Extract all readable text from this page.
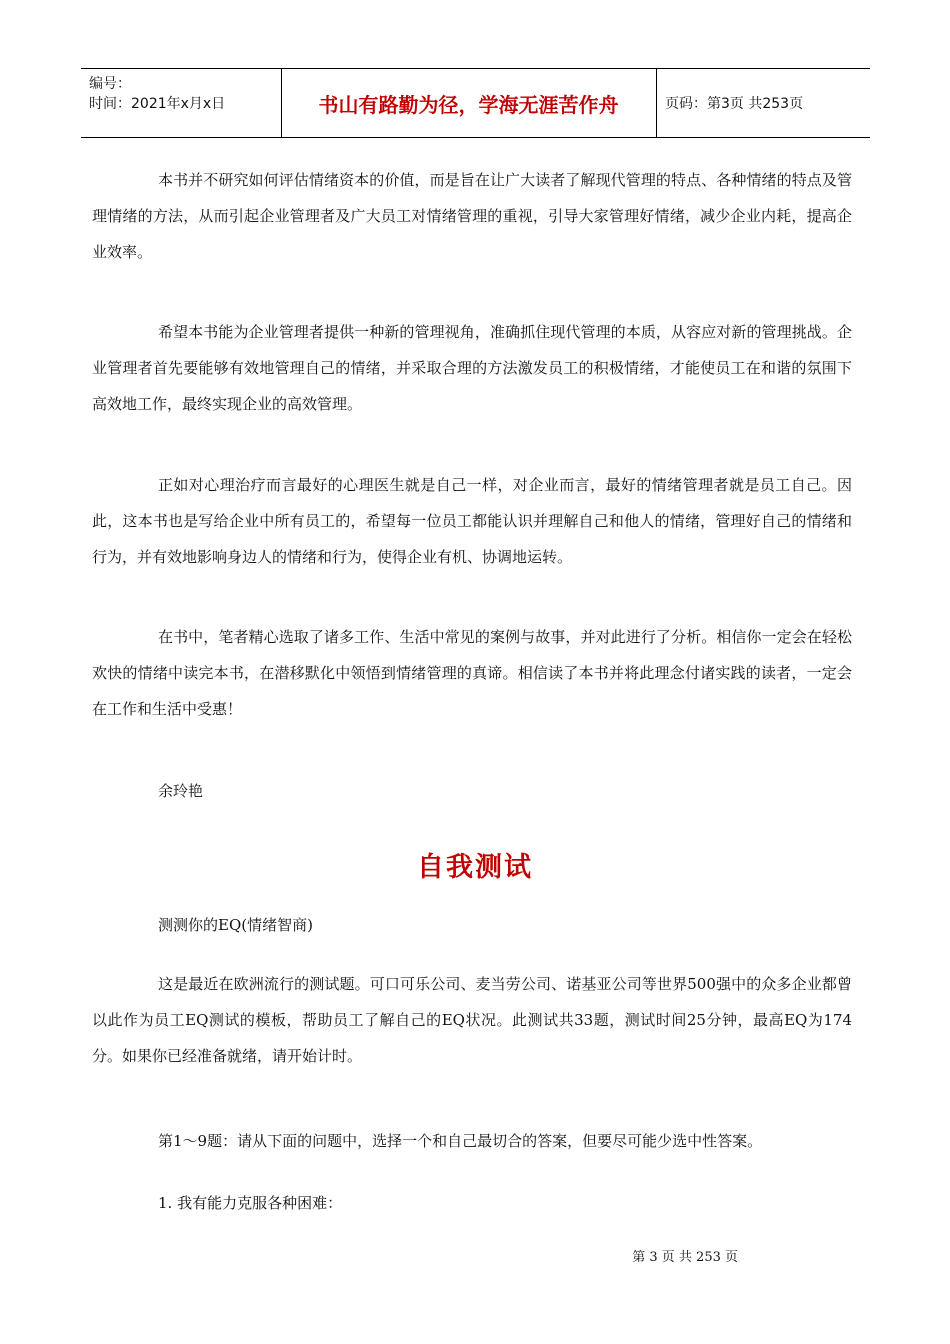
编号：
时间：2021年x月x日	书山有路勤为径，学海无涯苦作舟	页码：第3页 共253页

本书并不研究如何评估情绪资本的价值，而是旨在让广大读者了解现代管理的特点、各种情绪的特点及管理情绪的方法，从而引起企业管理者及广大员工对情绪管理的重视，引导大家管理好情绪，减少企业内耗，提高企业效率。

希望本书能为企业管理者提供一种新的管理视角，准确抓住现代管理的本质，从容应对新的管理挑战。企业管理者首先要能够有效地管理自己的情绪，并采取合理的方法激发员工的积极情绪，才能使员工在和谐的氛围下高效地工作，最终实现企业的高效管理。

正如对心理治疗而言最好的心理医生就是自己一样，对企业而言，最好的情绪管理者就是员工自己。因此，这本书也是写给企业中所有员工的，希望每一位员工都能认识并理解自己和他人的情绪，管理好自己的情绪和行为，并有效地影响身边人的情绪和行为，使得企业有机、协调地运转。

在书中，笔者精心选取了诸多工作、生活中常见的案例与故事，并对此进行了分析。相信你一定会在轻松欢快的情绪中读完本书，在潜移默化中领悟到情绪管理的真谛。相信读了本书并将此理念付诸实践的读者，一定会在工作和生活中受惠！

余玲艳

自我测试

测测你的EQ(情绪智商)

这是最近在欧洲流行的测试题。可口可乐公司、麦当劳公司、诺基亚公司等世界500强中的众多企业都曾以此作为员工EQ测试的模板，帮助员工了解自己的EQ状况。此测试共33题，测试时间25分钟，最高EQ为174分。如果你已经准备就绪，请开始计时。

第1～9题：请从下面的问题中，选择一个和自己最切合的答案，但要尽可能少选中性答案。

1. 我有能力克服各种困难：

第 3 页 共 253 页
